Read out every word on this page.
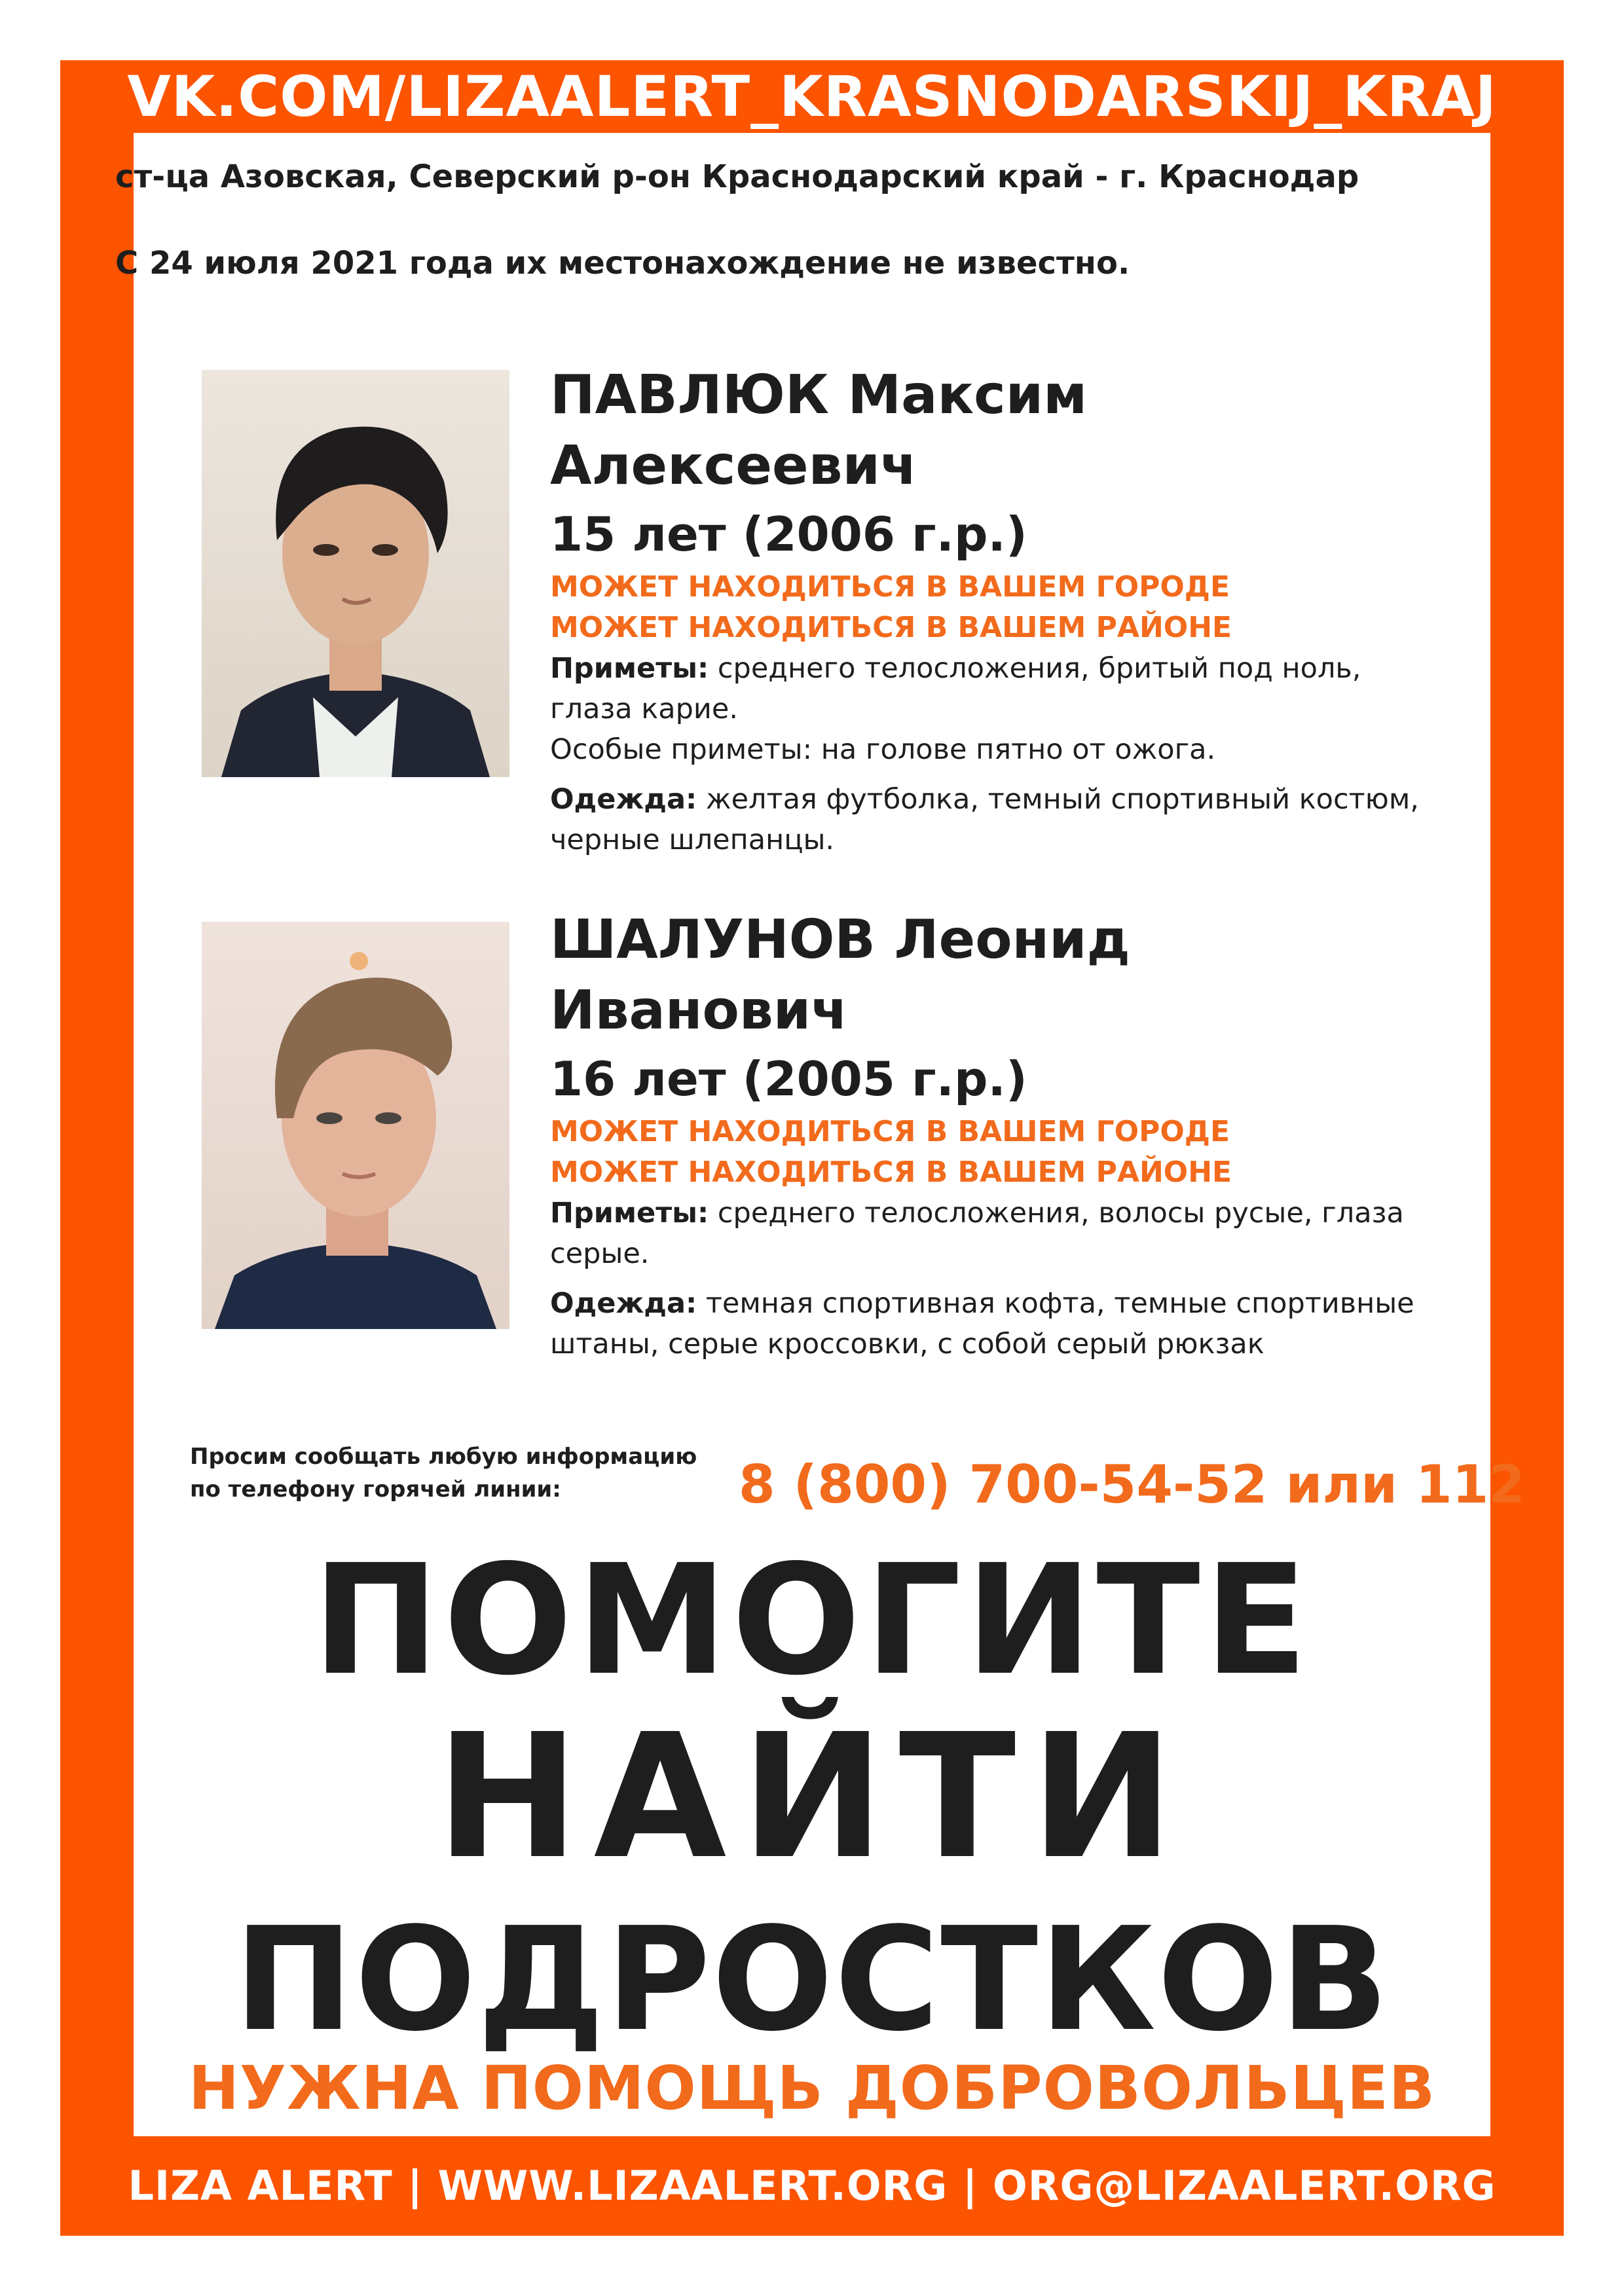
VK.COM/LIZAALERT_KRASNODARSKIJ_KRAJ
LIZA ALERT | WWW.LIZAALERT.ORG | ORG@LIZAALERT.ORG
ст-ца Азовская, Северский р-он Краснодарский край - г. Краснодар
С 24 июля 2021 года их местонахождение не известно.
ПАВЛЮК Максим
Алексеевич
15 лет (2006 г.р.)
МОЖЕТ НАХОДИТЬСЯ В ВАШЕМ ГОРОДЕ
МОЖЕТ НАХОДИТЬСЯ В ВАШЕМ РАЙОНЕ
Приметы: среднего телосложения, бритый под ноль, глаза карие.
Особые приметы: на голове пятно от ожога.
Одежда: желтая футболка, темный спортивный костюм, черные шлепанцы.
ШАЛУНОВ Леонид
Иванович
16 лет (2005 г.р.)
МОЖЕТ НАХОДИТЬСЯ В ВАШЕМ ГОРОДЕ
МОЖЕТ НАХОДИТЬСЯ В ВАШЕМ РАЙОНЕ
Приметы: среднего телосложения, волосы русые, глаза серые.
Одежда: темная спортивная кофта, темные спортивные штаны, серые кроссовки, с собой серый рюкзак
Просим сообщать любую информацию
по телефону горячей линии:	8 (800) 700-54-52 или 112
ПОМОГИТЕ
НАЙТИ
ПОДРОСТКОВ
НУЖНА ПОМОЩЬ ДОБРОВОЛЬЦЕВ
